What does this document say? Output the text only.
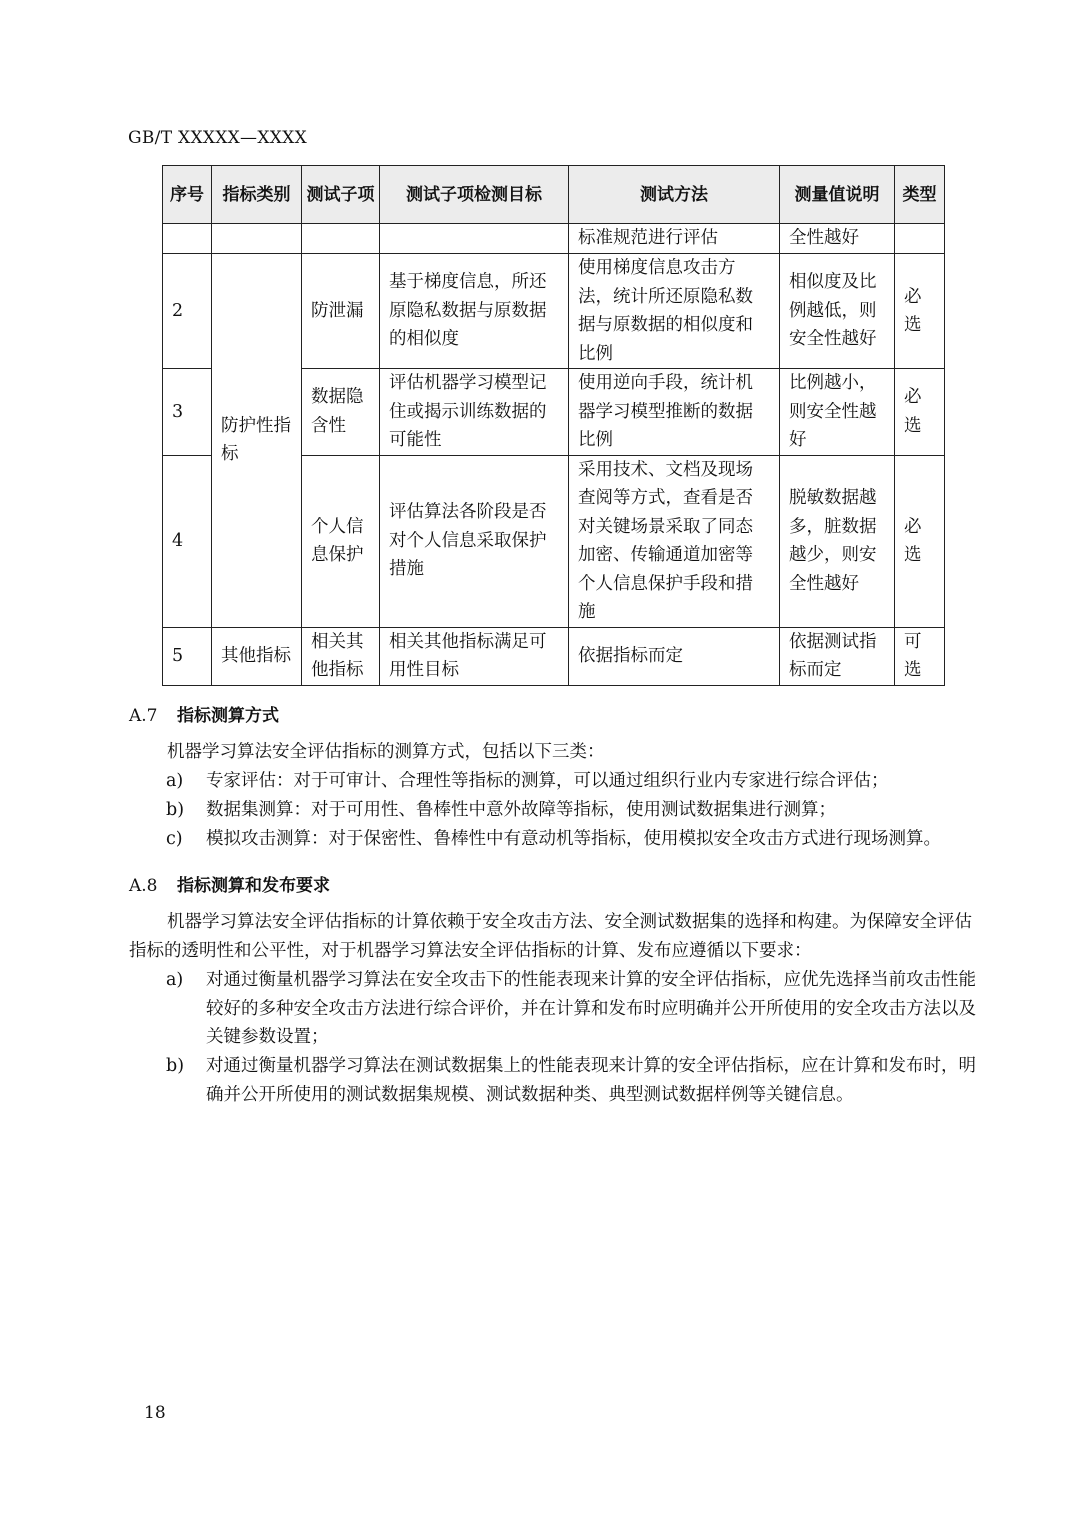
GB/T XXXXX—XXXX
序号	指标类别	测试子项	测试子项检测目标	测试方法	测量值说明	类型
				标准规范进行评估	全性越好	
2	防护性指标	防泄漏	基于梯度信息，所还原隐私数据与原数据的相似度	使用梯度信息攻击方法，统计所还原隐私数据与原数据的相似度和比例	相似度及比例越低，则安全性越好	必选
3		数据隐含性	评估机器学习模型记住或揭示训练数据的可能性	使用逆向手段，统计机器学习模型推断的数据比例	比例越小，则安全性越好	必选
4		个人信息保护	评估算法各阶段是否对个人信息采取保护措施	采用技术、文档及现场查阅等方式，查看是否对关键场景采取了同态加密、传输通道加密等个人信息保护手段和措施	脱敏数据越多，脏数据越少，则安全性越好	必选
5	其他指标	相关其他指标	相关其他指标满足可用性目标	依据指标而定	依据测试指标而定	可选
A.7 指标测算方式
机器学习算法安全评估指标的测算方式，包括以下三类：
a) 专家评估：对于可审计、合理性等指标的测算，可以通过组织行业内专家进行综合评估；
b) 数据集测算：对于可用性、鲁棒性中意外故障等指标，使用测试数据集进行测算；
c) 模拟攻击测算：对于保密性、鲁棒性中有意动机等指标，使用模拟安全攻击方式进行现场测算。
A.8 指标测算和发布要求
机器学习算法安全评估指标的计算依赖于安全攻击方法、安全测试数据集的选择和构建。为保障安全评估指标的透明性和公平性，对于机器学习算法安全评估指标的计算、发布应遵循以下要求：
a) 对通过衡量机器学习算法在安全攻击下的性能表现来计算的安全评估指标，应优先选择当前攻击性能较好的多种安全攻击方法进行综合评价，并在计算和发布时应明确并公开所使用的安全攻击方法以及关键参数设置；
b) 对通过衡量机器学习算法在测试数据集上的性能表现来计算的安全评估指标，应在计算和发布时，明确并公开所使用的测试数据集规模、测试数据种类、典型测试数据样例等关键信息。
18
